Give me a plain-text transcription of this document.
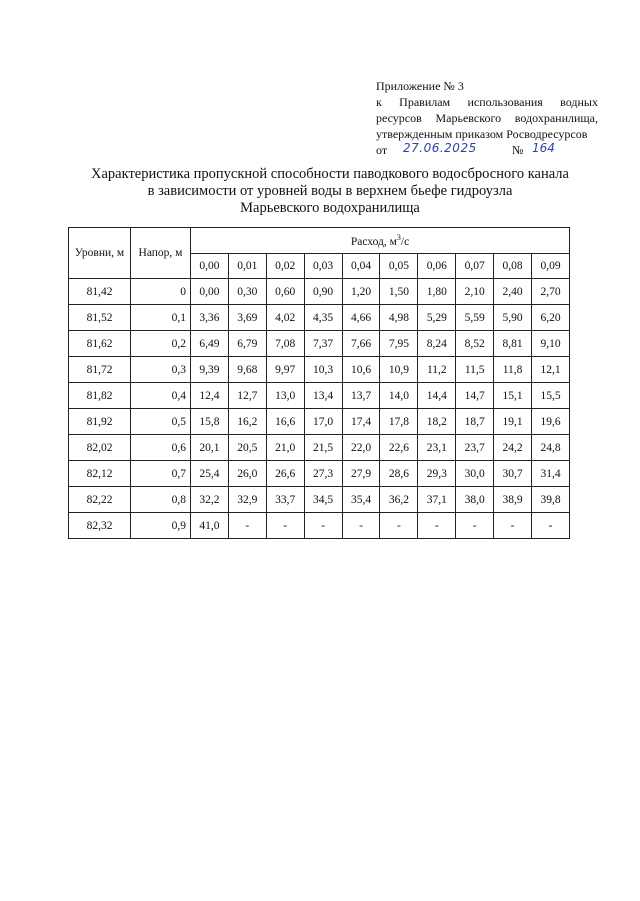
Приложение № 3
к Правилам использования водных
ресурсов Марьевского водохранилища,
утвержденным приказом Росводресурсов
от 27.06.2025	№ 164
Характеристика пропускной способности паводкового водосбросного канала
в зависимости от уровней воды в верхнем бьефе гидроузла
Марьевского водохранилища
Уровни, м	Напор, м	Расход, $м^3/с$									
		0,00	0,01	0,02	0,03	0,04	0,05	0,06	0,07	0,08	0,09
81,42	0	0,00	0,30	0,60	0,90	1,20	1,50	1,80	2,10	2,40	2,70
81,52	0,1	3,36	3,69	4,02	4,35	4,66	4,98	5,29	5,59	5,90	6,20
81,62	0,2	6,49	6,79	7,08	7,37	7,66	7,95	8,24	8,52	8,81	9,10
81,72	0,3	9,39	9,68	9,97	10,3	10,6	10,9	11,2	11,5	11,8	12,1
81,82	0,4	12,4	12,7	13,0	13,4	13,7	14,0	14,4	14,7	15,1	15,5
81,92	0,5	15,8	16,2	16,6	17,0	17,4	17,8	18,2	18,7	19,1	19,6
82,02	0,6	20,1	20,5	21,0	21,5	22,0	22,6	23,1	23,7	24,2	24,8
82,12	0,7	25,4	26,0	26,6	27,3	27,9	28,6	29,3	30,0	30,7	31,4
82,22	0,8	32,2	32,9	33,7	34,5	35,4	36,2	37,1	38,0	38,9	39,8
82,32	0,9	41,0	-	-	-	-	-	-	-	-	-
